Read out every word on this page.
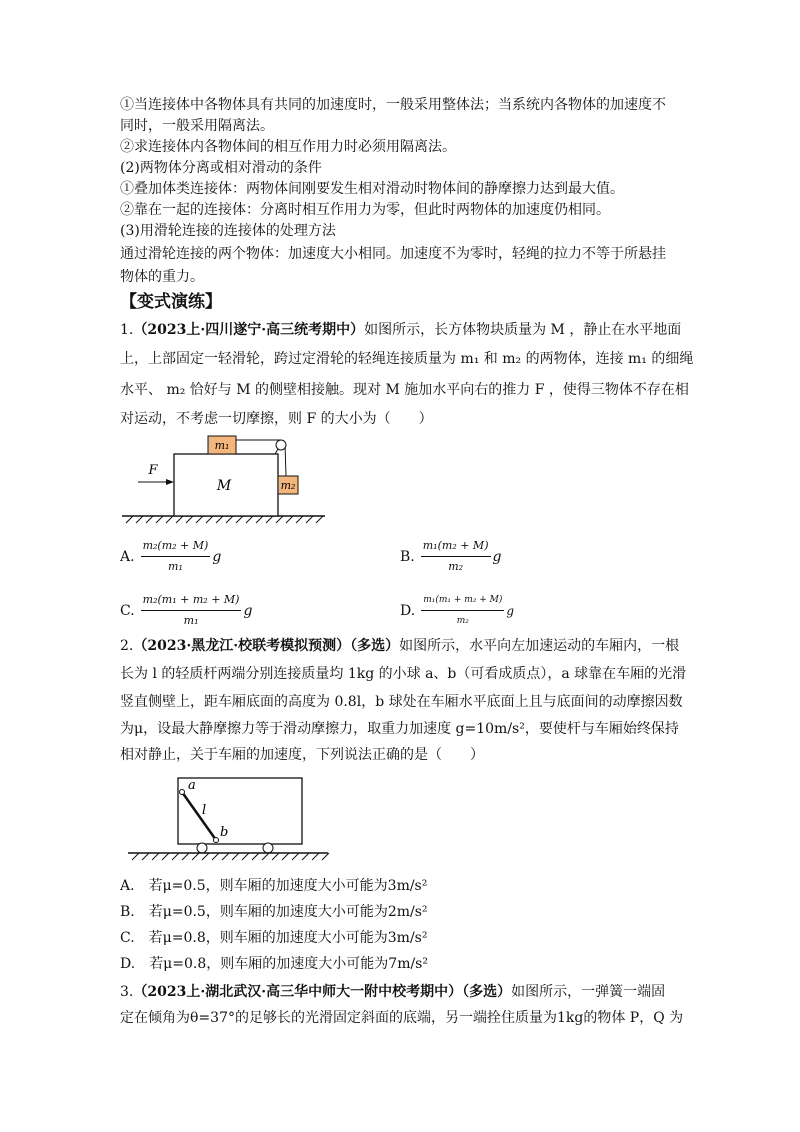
①当连接体中各物体具有共同的加速度时，一般采用整体法；当系统内各物体的加速度不
同时，一般采用隔离法。
②求连接体内各物体间的相互作用力时必须用隔离法。
(2)两物体分离或相对滑动的条件
①叠加体类连接体：两物体间刚要发生相对滑动时物体间的静摩擦力达到最大值。
②靠在一起的连接体：分离时相互作用力为零，但此时两物体的加速度仍相同。
(3)用滑轮连接的连接体的处理方法
通过滑轮连接的两个物体：加速度大小相同。加速度不为零时，轻绳的拉力不等于所悬挂
物体的重力。
【变式演练】
1.（2023上·四川遂宁·高三统考期中）如图所示，长方体物块质量为 M ，静止在水平地面
上，上部固定一轻滑轮，跨过定滑轮的轻绳连接质量为 m₁ 和 m₂ 的两物体，连接 m₁ 的细绳
水平、 m₂ 恰好与 M 的侧壁相接触。现对 M 施加水平向右的推力 F ，使得三物体不存在相
对运动，不考虑一切摩擦，则 F 的大小为（　　）
M
m₁
m₂
F
A. $\frac{\text{m₂(m₂ + M)}}{\text{m₁}}$ g	B. $\frac{\text{m₁(m₂ + M)}}{\text{m₂}}$ g
C. $\frac{\text{m₂(m₁ + m₂ + M)}}{\text{m₁}}$ g	D. $\frac{\text{m₁(m₁ + m₂ + M)}}{\text{m₂}}$ g
2.（2023·黑龙江·校联考模拟预测）（多选）如图所示，水平向左加速运动的车厢内，一根
长为 l 的轻质杆两端分别连接质量均 1kg 的小球 a、b（可看成质点），a 球靠在车厢的光滑
竖直侧壁上，距车厢底面的高度为 0.8l，b 球处在车厢水平底面上且与底面间的动摩擦因数
为μ，设最大静摩擦力等于滑动摩擦力，取重力加速度 g=10m/s²，要使杆与车厢始终保持
相对静止，关于车厢的加速度，下列说法正确的是（　　）
a
l
b
A.  若μ=0.5，则车厢的加速度大小可能为3m/s²
B.  若μ=0.5，则车厢的加速度大小可能为2m/s²
C.  若μ=0.8，则车厢的加速度大小可能为3m/s²
D.  若μ=0.8，则车厢的加速度大小可能为7m/s²
3.（2023上·湖北武汉·高三华中师大一附中校考期中）（多选）如图所示，一弹簧一端固
定在倾角为θ=37°的足够长的光滑固定斜面的底端，另一端拴住质量为1kg的物体 P，Q 为
